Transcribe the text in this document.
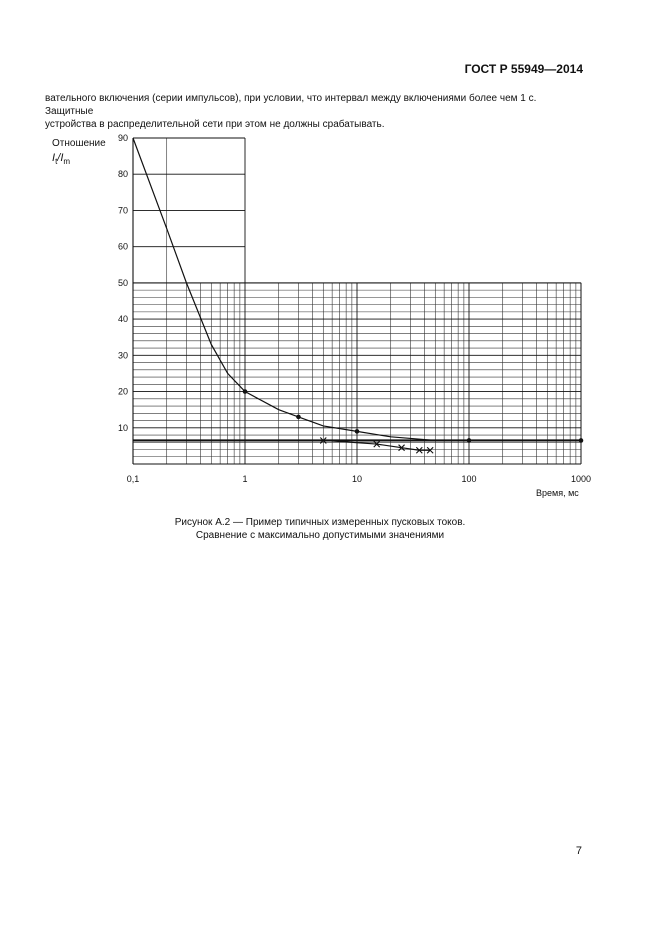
ГОСТ Р 55949—2014
вательного включения (серии импульсов), при условии, что интервал между включениями более чем 1 с. Защитные
устройства в распределительной сети при этом не должны срабатывать.
Отношение
$I_t/I_m$
10
20
30
40
50
60
70
80
90
0,1	1	10	100	1000
Время, мс
Рисунок А.2 — Пример типичных измеренных пусковых токов.
Сравнение с максимально допустимыми значениями
7
